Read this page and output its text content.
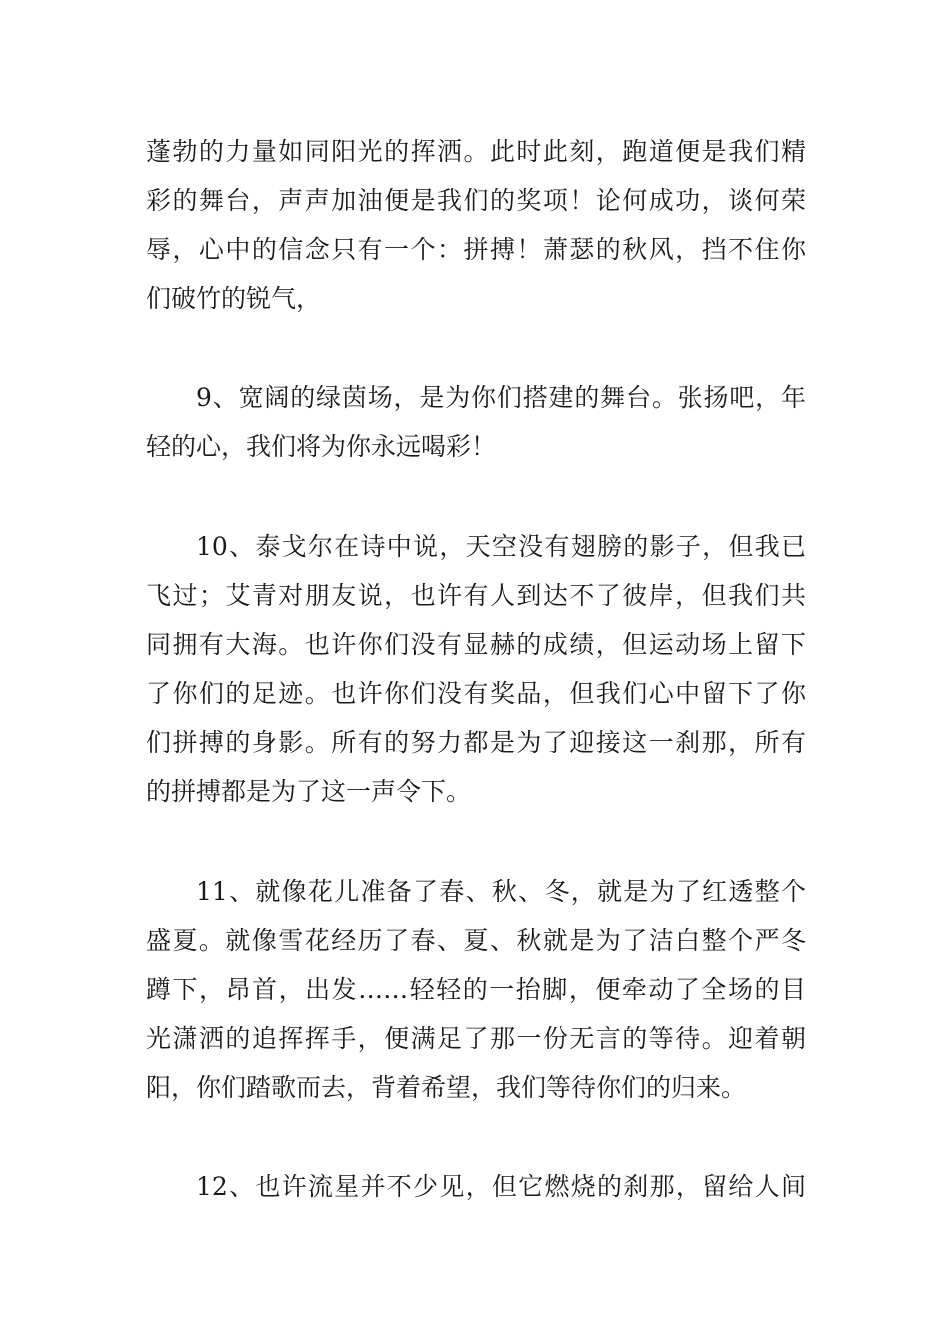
蓬勃的力量如同阳光的挥洒。此时此刻，跑道便是我们精
彩的舞台，声声加油便是我们的奖项！论何成功，谈何荣
辱，心中的信念只有一个：拼搏！萧瑟的秋风，挡不住你
们破竹的锐气，
9、宽阔的绿茵场，是为你们搭建的舞台。张扬吧，年
轻的心，我们将为你永远喝彩！
10、泰戈尔在诗中说，天空没有翅膀的影子，但我已
飞过；艾青对朋友说，也许有人到达不了彼岸，但我们共
同拥有大海。也许你们没有显赫的成绩，但运动场上留下
了你们的足迹。也许你们没有奖品，但我们心中留下了你
们拼搏的身影。所有的努力都是为了迎接这一刹那，所有
的拼搏都是为了这一声令下。
11、就像花儿准备了春、秋、冬，就是为了红透整个
盛夏。就像雪花经历了春、夏、秋就是为了洁白整个严冬
蹲下，昂首，出发……轻轻的一抬脚，便牵动了全场的目
光潇洒的追挥挥手，便满足了那一份无言的等待。迎着朝
阳，你们踏歌而去，背着希望，我们等待你们的归来。
12、也许流星并不少见，但它燃烧的刹那，留给人间
